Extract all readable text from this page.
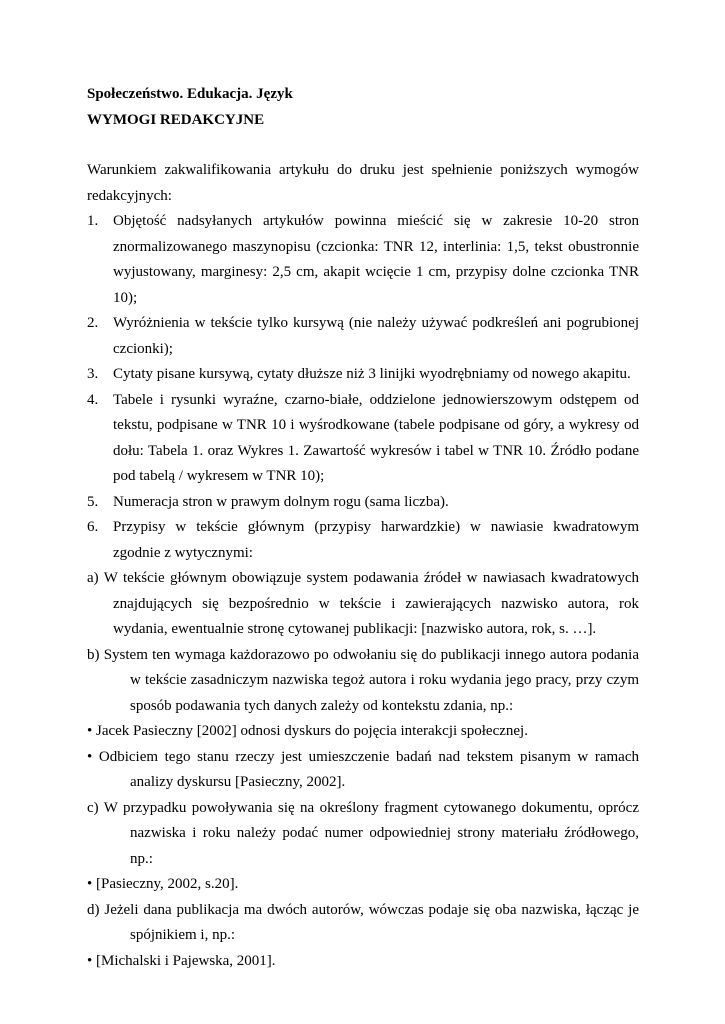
Społeczeństwo. Edukacja. Język

WYMOGI REDAKCYJNE

Warunkiem zakwalifikowania artykułu do druku jest spełnienie poniższych wymogów redakcyjnych:

1. Objętość nadsyłanych artykułów powinna mieścić się w zakresie 10-20 stron znormalizowanego maszynopisu (czcionka: TNR 12, interlinia: 1,5, tekst obustronnie wyjustowany, marginesy: 2,5 cm, akapit wcięcie 1 cm, przypisy dolne czcionka TNR 10);
2. Wyróżnienia w tekście tylko kursywą (nie należy używać podkreśleń ani pogrubionej czcionki);
3. Cytaty pisane kursywą, cytaty dłuższe niż 3 linijki wyodrębniamy od nowego akapitu.
4. Tabele i rysunki wyraźne, czarno-białe, oddzielone jednowierszowym odstępem od tekstu, podpisane w TNR 10 i wyśrodkowane (tabele podpisane od góry, a wykresy od dołu: Tabela 1. oraz Wykres 1. Zawartość wykresów i tabel w TNR 10. Źródło podane pod tabelą / wykresem w TNR 10);
5. Numeracja stron w prawym dolnym rogu (sama liczba).
6. Przypisy w tekście głównym (przypisy harwardzkie) w nawiasie kwadratowym zgodnie z wytycznymi:

a) W tekście głównym obowiązuje system podawania źródeł w nawiasach kwadratowych znajdujących się bezpośrednio w tekście i zawierających nazwisko autora, rok wydania, ewentualnie stronę cytowanej publikacji: [nazwisko autora, rok, s. …].

b) System ten wymaga każdorazowo po odwołaniu się do publikacji innego autora podania w tekście zasadniczym nazwiska tegoż autora i roku wydania jego pracy, przy czym sposób podawania tych danych zależy od kontekstu zdania, np.:

• Jacek Pasieczny [2002] odnosi dyskurs do pojęcia interakcji społecznej.

• Odbiciem tego stanu rzeczy jest umieszczenie badań nad tekstem pisanym w ramach analizy dyskursu [Pasieczny, 2002].

c) W przypadku powoływania się na określony fragment cytowanego dokumentu, oprócz nazwiska i roku należy podać numer odpowiedniej strony materiału źródłowego, np.:

• [Pasieczny, 2002, s.20].

d) Jeżeli dana publikacja ma dwóch autorów, wówczas podaje się oba nazwiska, łącząc je spójnikiem i, np.:

• [Michalski i Pajewska, 2001].
